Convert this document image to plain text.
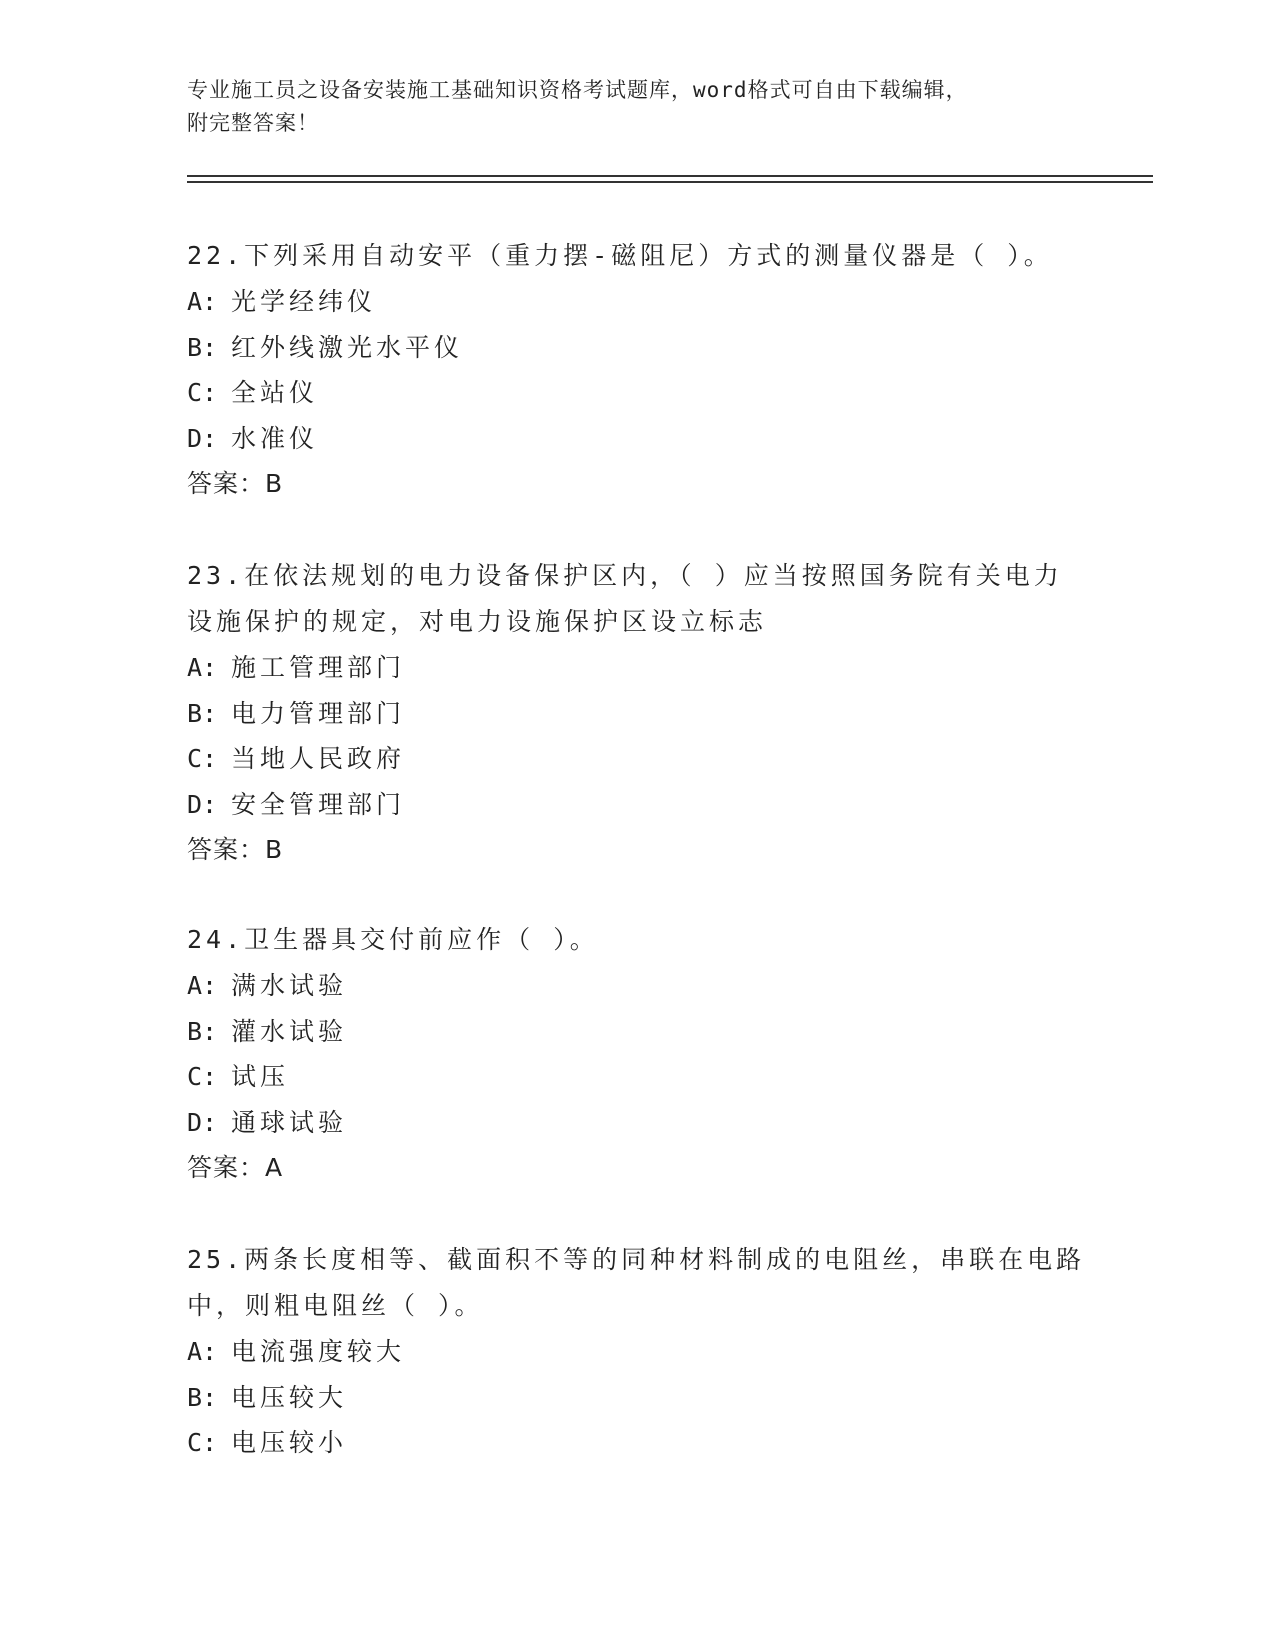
专业施工员之设备安装施工基础知识资格考试题库，word格式可自由下载编辑，
附完整答案！

22.下列采用自动安平（重力摆-磁阻尼）方式的测量仪器是（ ）。

A: 光学经纬仪

B: 红外线激光水平仪

C: 全站仪

D: 水准仪

答案：B

23.在依法规划的电力设备保护区内，（ ）应当按照国务院有关电力

设施保护的规定，对电力设施保护区设立标志

A: 施工管理部门

B: 电力管理部门

C: 当地人民政府

D: 安全管理部门

答案：B

24.卫生器具交付前应作（ ）。

A: 满水试验

B: 灌水试验

C: 试压

D: 通球试验

答案：A

25.两条长度相等、截面积不等的同种材料制成的电阻丝，串联在电路

中，则粗电阻丝（ ）。

A: 电流强度较大

B: 电压较大

C: 电压较小
